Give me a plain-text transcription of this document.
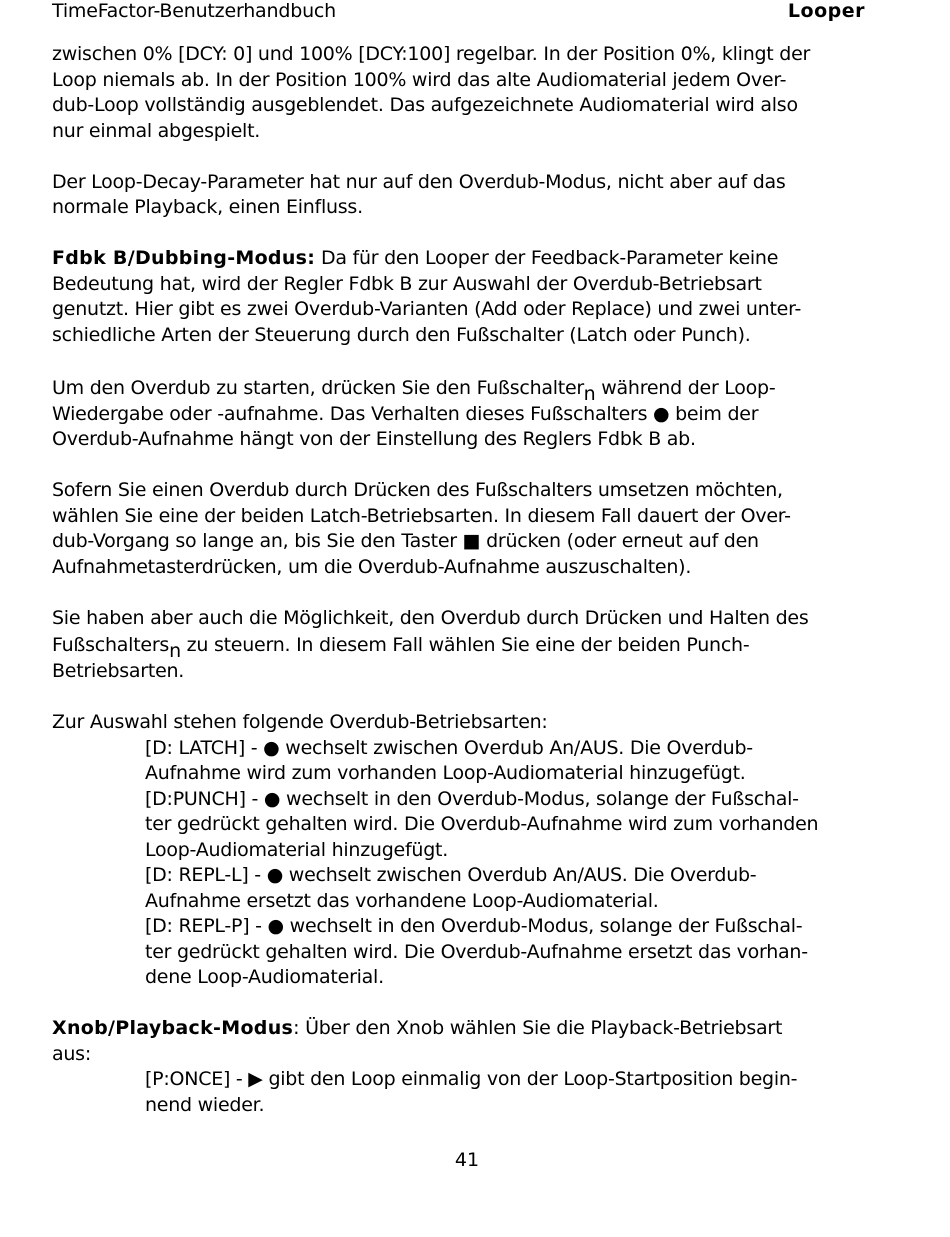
TimeFactor-Benutzerhandbuch	Looper
zwischen 0% [DCY: 0] und 100% [DCY:100] regelbar. In der Position 0%, klingt der
Loop niemals ab. In der Position 100% wird das alte Audiomaterial jedem Over-
dub-Loop vollständig ausgeblendet. Das aufgezeichnete Audiomaterial wird also
nur einmal abgespielt.
Der Loop-Decay-Parameter hat nur auf den Overdub-Modus, nicht aber auf das
normale Playback, einen Einfluss.
Fdbk B/Dubbing-Modus: Da für den Looper der Feedback-Parameter keine
Bedeutung hat, wird der Regler Fdbk B zur Auswahl der Overdub-Betriebsart
genutzt. Hier gibt es zwei Overdub-Varianten (Add oder Replace) und zwei unter-
schiedliche Arten der Steuerung durch den Fußschalter (Latch oder Punch).
Um den Overdub zu starten, drücken Sie den Fußschaltern während der Loop-
Wiedergabe oder -aufnahme. Das Verhalten dieses Fußschalters ● beim der
Overdub-Aufnahme hängt von der Einstellung des Reglers Fdbk B ab.
Sofern Sie einen Overdub durch Drücken des Fußschalters umsetzen möchten,
wählen Sie eine der beiden Latch-Betriebsarten. In diesem Fall dauert der Over-
dub-Vorgang so lange an, bis Sie den Taster ■ drücken (oder erneut auf den
Aufnahmetasterdrücken, um die Overdub-Aufnahme auszuschalten).
Sie haben aber auch die Möglichkeit, den Overdub durch Drücken und Halten des
Fußschaltersn zu steuern. In diesem Fall wählen Sie eine der beiden Punch-
Betriebsarten.
Zur Auswahl stehen folgende Overdub-Betriebsarten:
[D: LATCH] - ● wechselt zwischen Overdub An/AUS. Die Overdub-
Aufnahme wird zum vorhanden Loop-Audiomaterial hinzugefügt.
[D:PUNCH] - ● wechselt in den Overdub-Modus, solange der Fußschal-
ter gedrückt gehalten wird. Die Overdub-Aufnahme wird zum vorhanden
Loop-Audiomaterial hinzugefügt.
[D: REPL-L] - ● wechselt zwischen Overdub An/AUS. Die Overdub-
Aufnahme ersetzt das vorhandene Loop-Audiomaterial.
[D: REPL-P] - ● wechselt in den Overdub-Modus, solange der Fußschal-
ter gedrückt gehalten wird. Die Overdub-Aufnahme ersetzt das vorhan-
dene Loop-Audiomaterial.
Xnob/Playback-Modus: Über den Xnob wählen Sie die Playback-Betriebsart
aus:
[P:ONCE] - ▶ gibt den Loop einmalig von der Loop-Startposition begin-
nend wieder.
41
